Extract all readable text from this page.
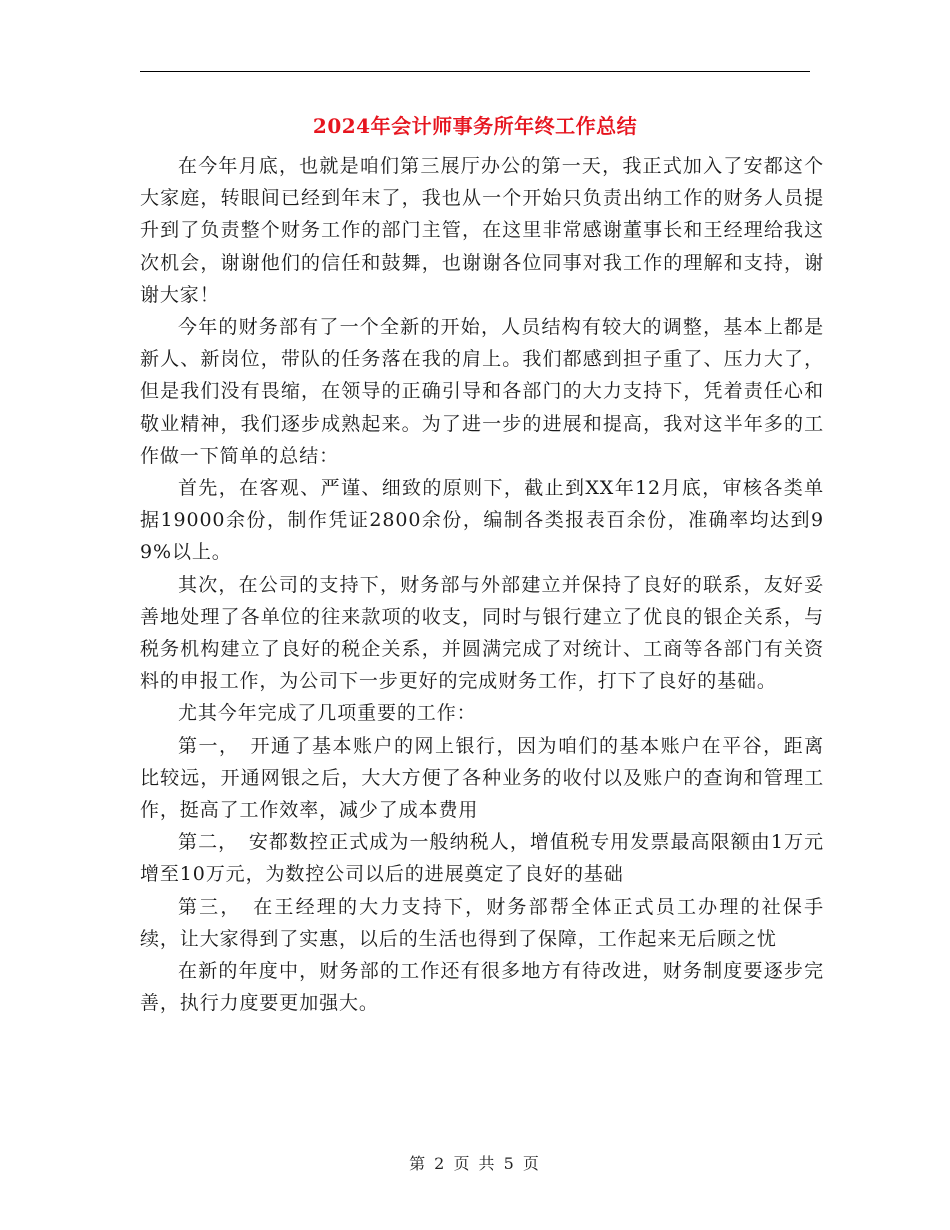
2024年会计师事务所年终工作总结

在今年月底，也就是咱们第三展厅办公的第一天，我正式加入了安都这个大家庭，转眼间已经到年末了，我也从一个开始只负责出纳工作的财务人员提升到了负责整个财务工作的部门主管，在这里非常感谢董事长和王经理给我这次机会，谢谢他们的信任和鼓舞，也谢谢各位同事对我工作的理解和支持，谢谢大家！

今年的财务部有了一个全新的开始，人员结构有较大的调整，基本上都是新人、新岗位，带队的任务落在我的肩上。我们都感到担子重了、压力大了，但是我们没有畏缩，在领导的正确引导和各部门的大力支持下，凭着责任心和敬业精神，我们逐步成熟起来。为了进一步的进展和提高，我对这半年多的工作做一下简单的总结：

首先，在客观、严谨、细致的原则下，截止到XX年12月底，审核各类单据19000余份，制作凭证2800余份，编制各类报表百余份，准确率均达到99%以上。

其次，在公司的支持下，财务部与外部建立并保持了良好的联系，友好妥善地处理了各单位的往来款项的收支，同时与银行建立了优良的银企关系，与税务机构建立了良好的税企关系，并圆满完成了对统计、工商等各部门有关资料的申报工作，为公司下一步更好的完成财务工作，打下了良好的基础。

尤其今年完成了几项重要的工作：

第一，　开通了基本账户的网上银行，因为咱们的基本账户在平谷，距离比较远，开通网银之后，大大方便了各种业务的收付以及账户的查询和管理工作，挺高了工作效率，减少了成本费用

第二，　安都数控正式成为一般纳税人，增值税专用发票最高限额由1万元增至10万元，为数控公司以后的进展奠定了良好的基础

第三，　在王经理的大力支持下，财务部帮全体正式员工办理的社保手续，让大家得到了实惠，以后的生活也得到了保障，工作起来无后顾之忧

在新的年度中，财务部的工作还有很多地方有待改进，财务制度要逐步完善，执行力度要更加强大。

第 2 页 共 5 页
